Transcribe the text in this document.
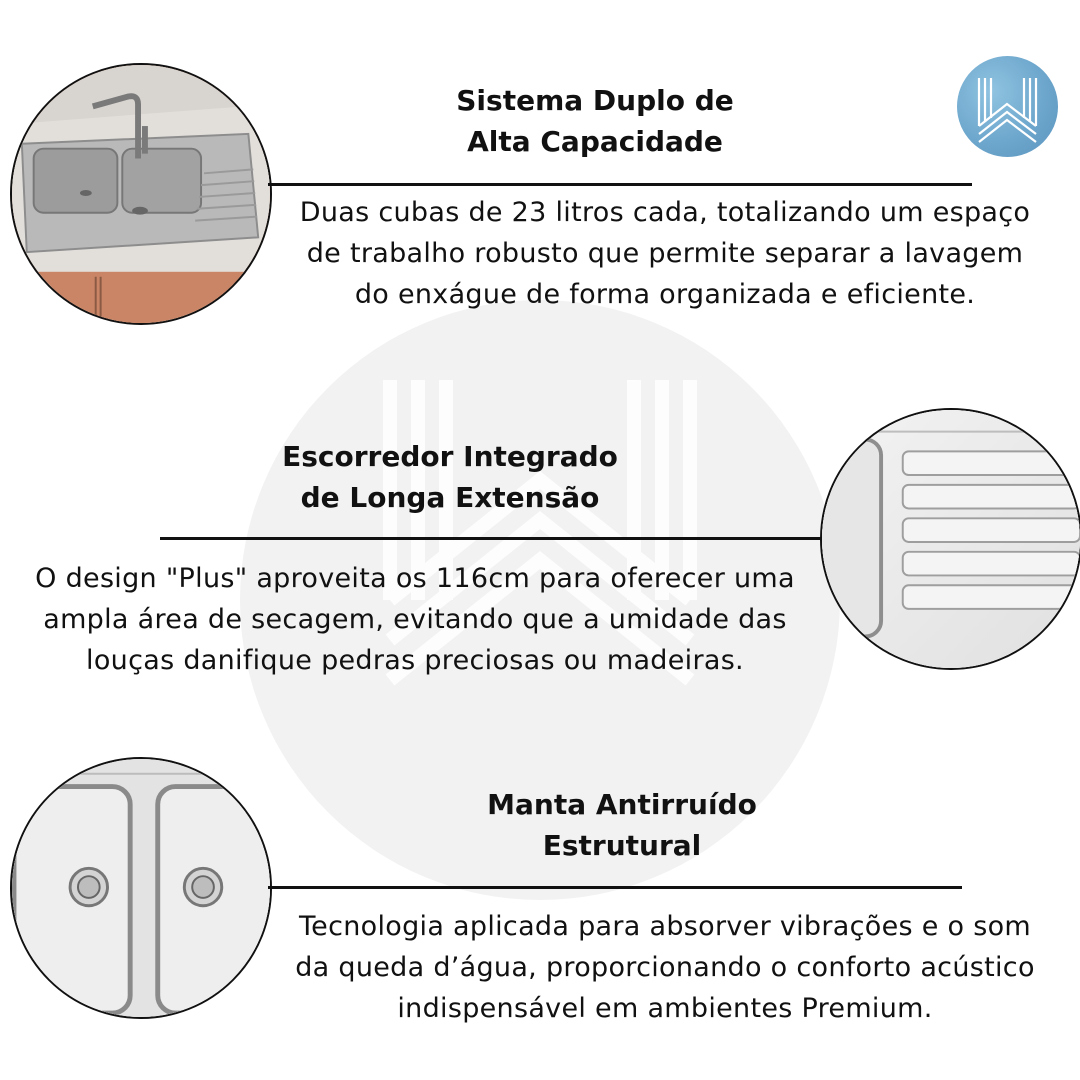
Sistema Duplo de
Alta Capacidade
Duas cubas de 23 litros cada, totalizando um espaço
de trabalho robusto que permite separar a lavagem
do enxágue de forma organizada e eficiente.
Escorredor Integrado
de Longa Extensão
O design "Plus" aproveita os 116cm para oferecer uma
ampla área de secagem, evitando que a umidade das
louças danifique pedras preciosas ou madeiras.
Manta Antirruído
Estrutural
Tecnologia aplicada para absorver vibrações e o som
da queda d’água, proporcionando o conforto acústico
indispensável em ambientes Premium.
